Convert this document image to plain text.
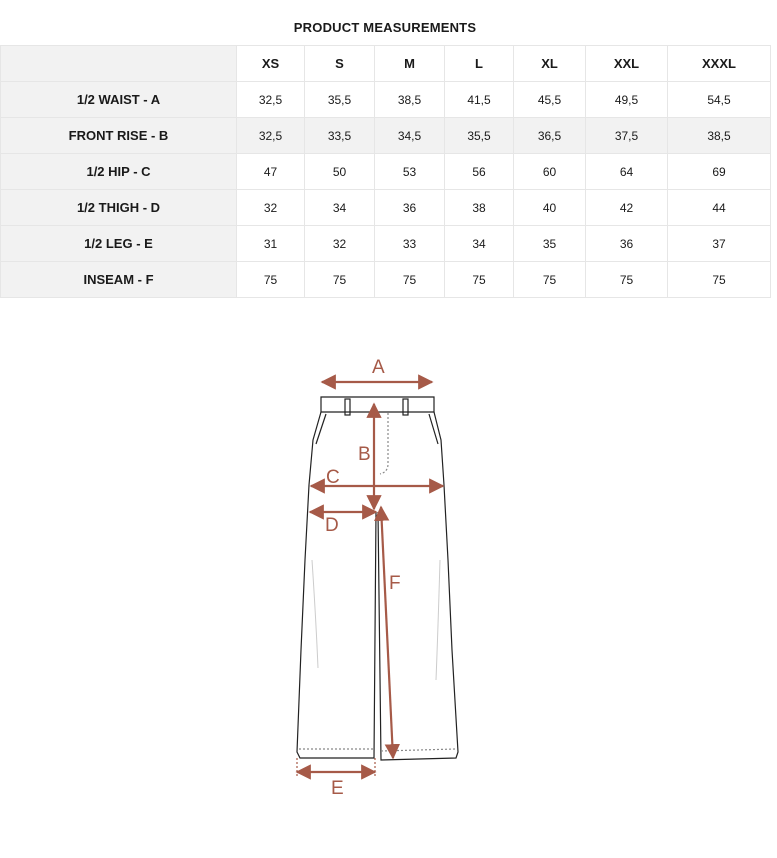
PRODUCT MEASUREMENTS
	XS	S	M	L	XL	XXL	XXXL
1/2 WAIST - A	32,5	35,5	38,5	41,5	45,5	49,5	54,5
FRONT RISE - B	32,5	33,5	34,5	35,5	36,5	37,5	38,5
1/2 HIP - C	47	50	53	56	60	64	69
1/2 THIGH - D	32	34	36	38	40	42	44
1/2 LEG - E	31	32	33	34	35	36	37
INSEAM - F	75	75	75	75	75	75	75
A
B
C
D
F
E
